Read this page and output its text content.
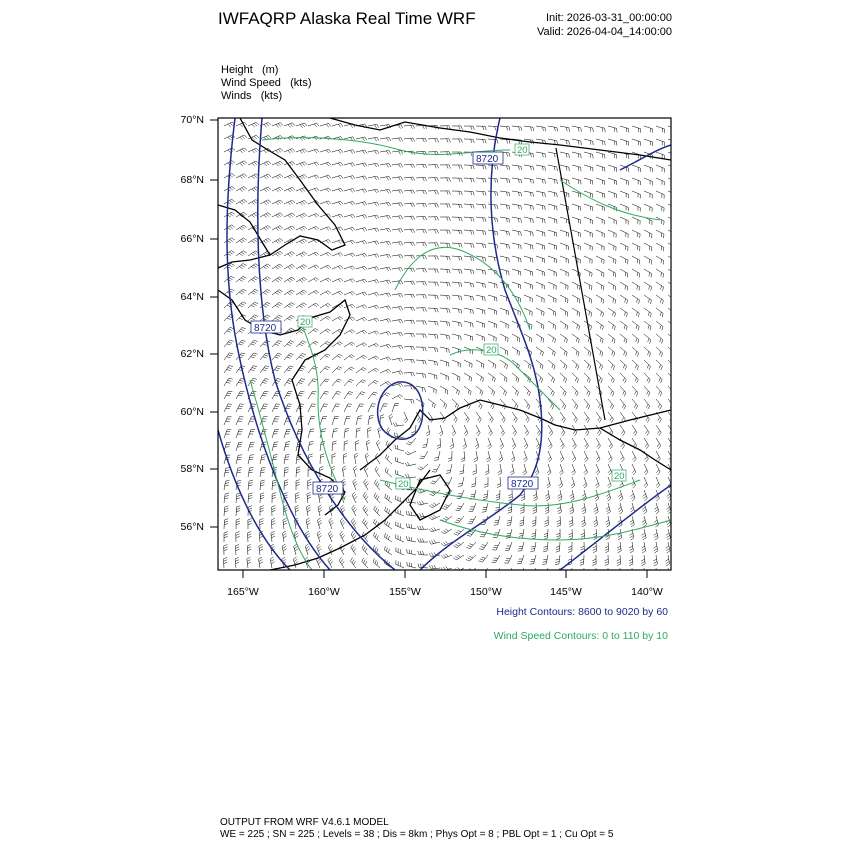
IWFAQRP Alaska Real Time WRF	Init: 2026-03-31_00:00:00
Valid: 2026-04-04_14:00:00
Height (m)
Wind Speed (kts)
Winds (kts)
8720
8720
8720	8720
20
20
20
20
20
70°N
68°N
66°N
64°N
62°N
60°N
58°N
56°N
165°W	160°W	155°W	150°W	145°W	140°W
Height Contours: 8600 to 9020 by 60
Wind Speed Contours: 0 to 110 by 10
OUTPUT FROM WRF V4.6.1 MODEL
WE = 225 ; SN = 225 ; Levels = 38 ; Dis = 8km ; Phys Opt = 8 ; PBL Opt = 1 ; Cu Opt = 5
